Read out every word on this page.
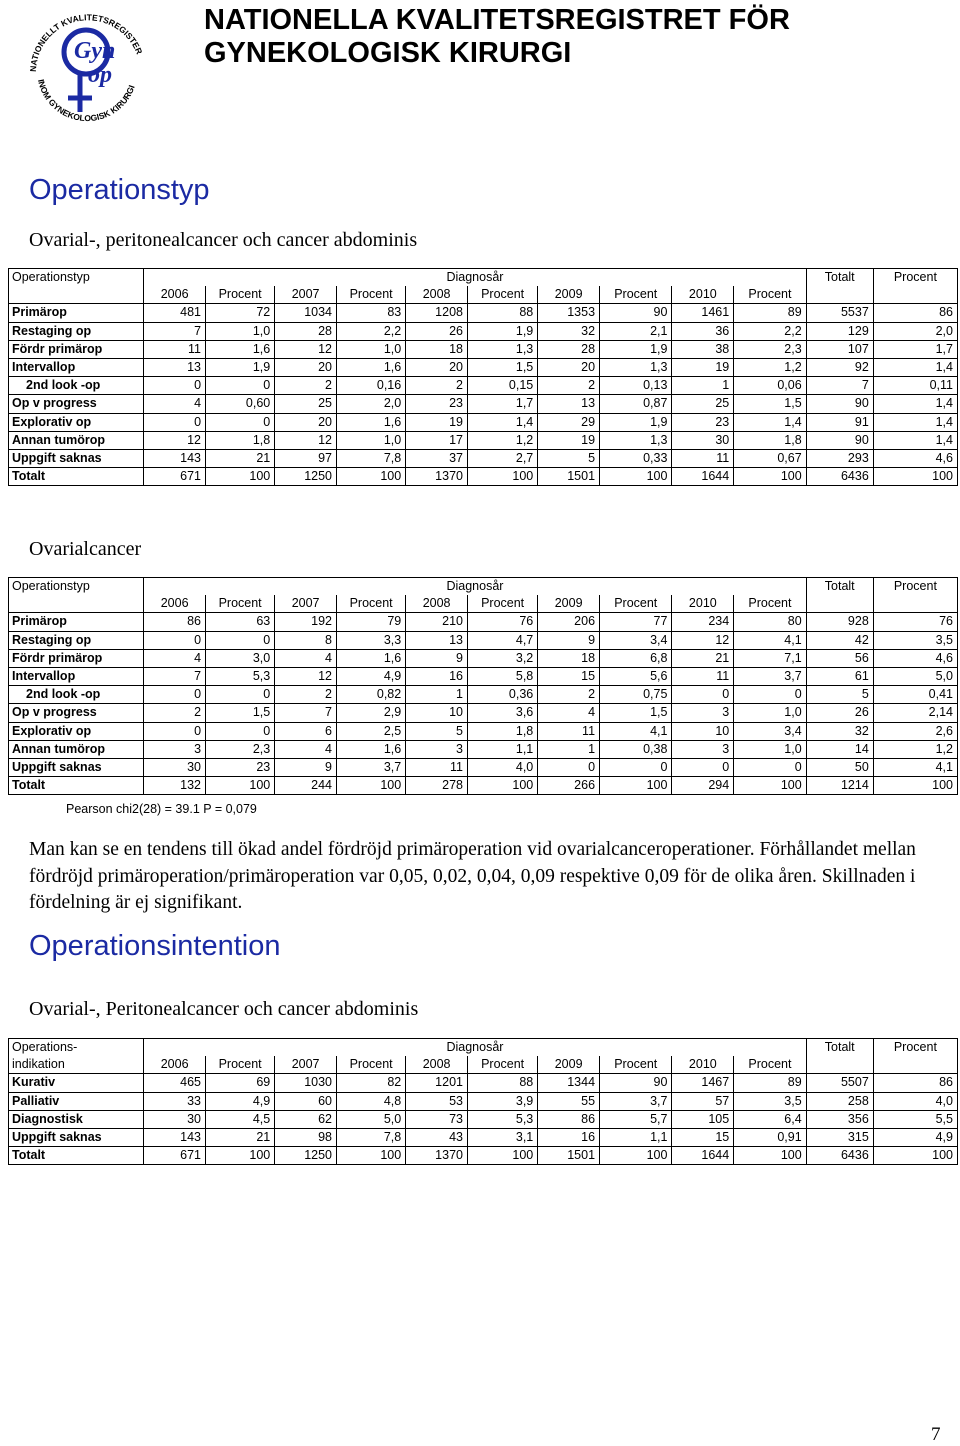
NATIONELLT KVALITETSREGISTER
INOM GYNEKOLOGISK KIRURGI
Gyn
op
NATIONELLA KVALITETSREGISTRET FÖR
GYNEKOLOGISK KIRURGI
Operationstyp
Ovarial-, peritonealcancer och cancer abdominis
Operationstyp	Diagnosår										Totalt	Procent
	2006	Procent	2007	Procent	2008	Procent	2009	Procent	2010	Procent		
Primärop	481	72	1034	83	1208	88	1353	90	1461	89	5537	86
Restaging op	7	1,0	28	2,2	26	1,9	32	2,1	36	2,2	129	2,0
Fördr primärop	11	1,6	12	1,0	18	1,3	28	1,9	38	2,3	107	1,7
Intervallop	13	1,9	20	1,6	20	1,5	20	1,3	19	1,2	92	1,4
2nd look -op	0	0	2	0,16	2	0,15	2	0,13	1	0,06	7	0,11
Op v progress	4	0,60	25	2,0	23	1,7	13	0,87	25	1,5	90	1,4
Explorativ op	0	0	20	1,6	19	1,4	29	1,9	23	1,4	91	1,4
Annan tumörop	12	1,8	12	1,0	17	1,2	19	1,3	30	1,8	90	1,4
Uppgift saknas	143	21	97	7,8	37	2,7	5	0,33	11	0,67	293	4,6
Totalt	671	100	1250	100	1370	100	1501	100	1644	100	6436	100
Ovarialcancer
Operationstyp	Diagnosår										Totalt	Procent
	2006	Procent	2007	Procent	2008	Procent	2009	Procent	2010	Procent		
Primärop	86	63	192	79	210	76	206	77	234	80	928	76
Restaging op	0	0	8	3,3	13	4,7	9	3,4	12	4,1	42	3,5
Fördr primärop	4	3,0	4	1,6	9	3,2	18	6,8	21	7,1	56	4,6
Intervallop	7	5,3	12	4,9	16	5,8	15	5,6	11	3,7	61	5,0
2nd look -op	0	0	2	0,82	1	0,36	2	0,75	0	0	5	0,41
Op v progress	2	1,5	7	2,9	10	3,6	4	1,5	3	1,0	26	2,14
Explorativ op	0	0	6	2,5	5	1,8	11	4,1	10	3,4	32	2,6
Annan tumörop	3	2,3	4	1,6	3	1,1	1	0,38	3	1,0	14	1,2
Uppgift saknas	30	23	9	3,7	11	4,0	0	0	0	0	50	4,1
Totalt	132	100	244	100	278	100	266	100	294	100	1214	100
Pearson chi2(28) = 39.1 P = 0,079
Man kan se en tendens till ökad andel fördröjd primäroperation vid ovarialcanceroperationer. Förhållandet mellan fördröjd primäroperation/primäroperation var 0,05, 0,02, 0,04, 0,09 respektive 0,09 för de olika åren. Skillnaden i fördelning är ej signifikant.
Operationsintention
Ovarial-, Peritonealcancer och cancer abdominis
Operations-	Diagnosår										Totalt	Procent
indikation	2006	Procent	2007	Procent	2008	Procent	2009	Procent	2010	Procent		
Kurativ	465	69	1030	82	1201	88	1344	90	1467	89	5507	86
Palliativ	33	4,9	60	4,8	53	3,9	55	3,7	57	3,5	258	4,0
Diagnostisk	30	4,5	62	5,0	73	5,3	86	5,7	105	6,4	356	5,5
Uppgift saknas	143	21	98	7,8	43	3,1	16	1,1	15	0,91	315	4,9
Totalt	671	100	1250	100	1370	100	1501	100	1644	100	6436	100
7
